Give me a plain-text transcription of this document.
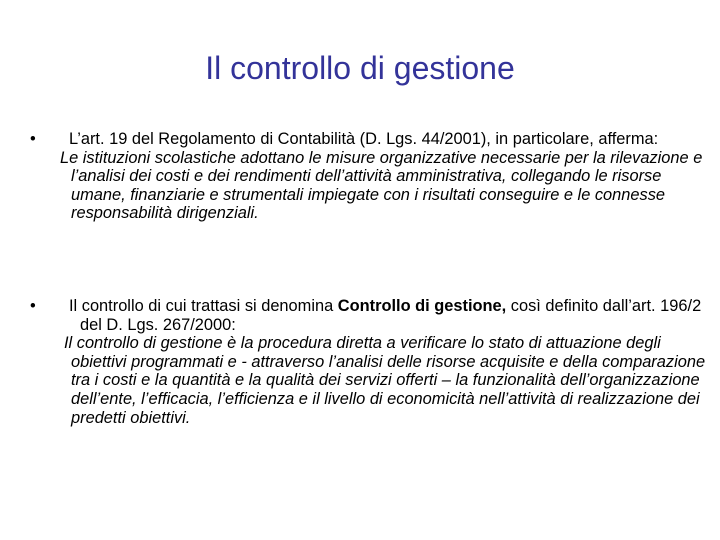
Il controllo di gestione
•	L’art. 19 del Regolamento di Contabilità (D. Lgs. 44/2001), in particolare, afferma:
Le istituzioni scolastiche adottano le misure organizzative necessarie per la rilevazione e l’analisi dei costi e dei rendimenti dell’attività amministrativa, collegando le risorse umane, finanziarie e strumentali impiegate con i risultati conseguire e le connesse responsabilità dirigenziali.
•	Il controllo di cui trattasi si denomina Controllo di gestione, così definito dall’art. 196/2 del D. Lgs. 267/2000:
Il controllo di gestione è la procedura diretta a verificare lo stato di attuazione degli obiettivi programmati e - attraverso l’analisi delle risorse acquisite e della comparazione tra i costi e la quantità e la qualità dei servizi offerti – la funzionalità dell’organizzazione dell’ente, l’efficacia, l’efficienza e il livello di economicità nell’attività di realizzazione dei predetti obiettivi.
